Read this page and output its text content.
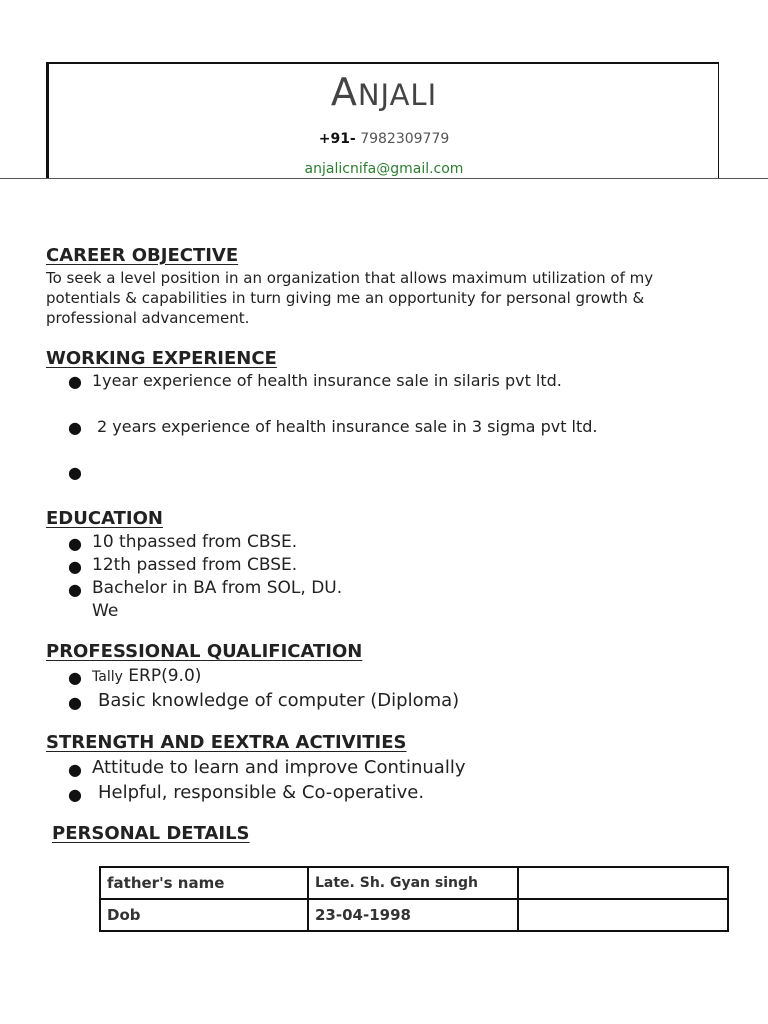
ANJALI
+91- 7982309779
anjalicnifa@gmail.com
CAREER OBJECTIVE
To seek a level position in an organization that allows maximum utilization of my potentials & capabilities in turn giving me an opportunity for personal growth & professional advancement.
WORKING EXPERIENCE
● 1year experience of health insurance sale in silaris pvt ltd.
● 2 years experience of health insurance sale in 3 sigma pvt ltd.
●
EDUCATION
● 10 thpassed from CBSE.
● 12th passed from CBSE.
● Bachelor in BA from SOL, DU.
We
PROFESSIONAL QUALIFICATION
● Tally ERP(9.0)
● Basic knowledge of computer (Diploma)
STRENGTH AND EEXTRA ACTIVITIES
● Attitude to learn and improve Continually
● Helpful, responsible & Co-operative.
PERSONAL DETAILS
father's name	Late. Sh. Gyan singh	
Dob	23-04-1998	
